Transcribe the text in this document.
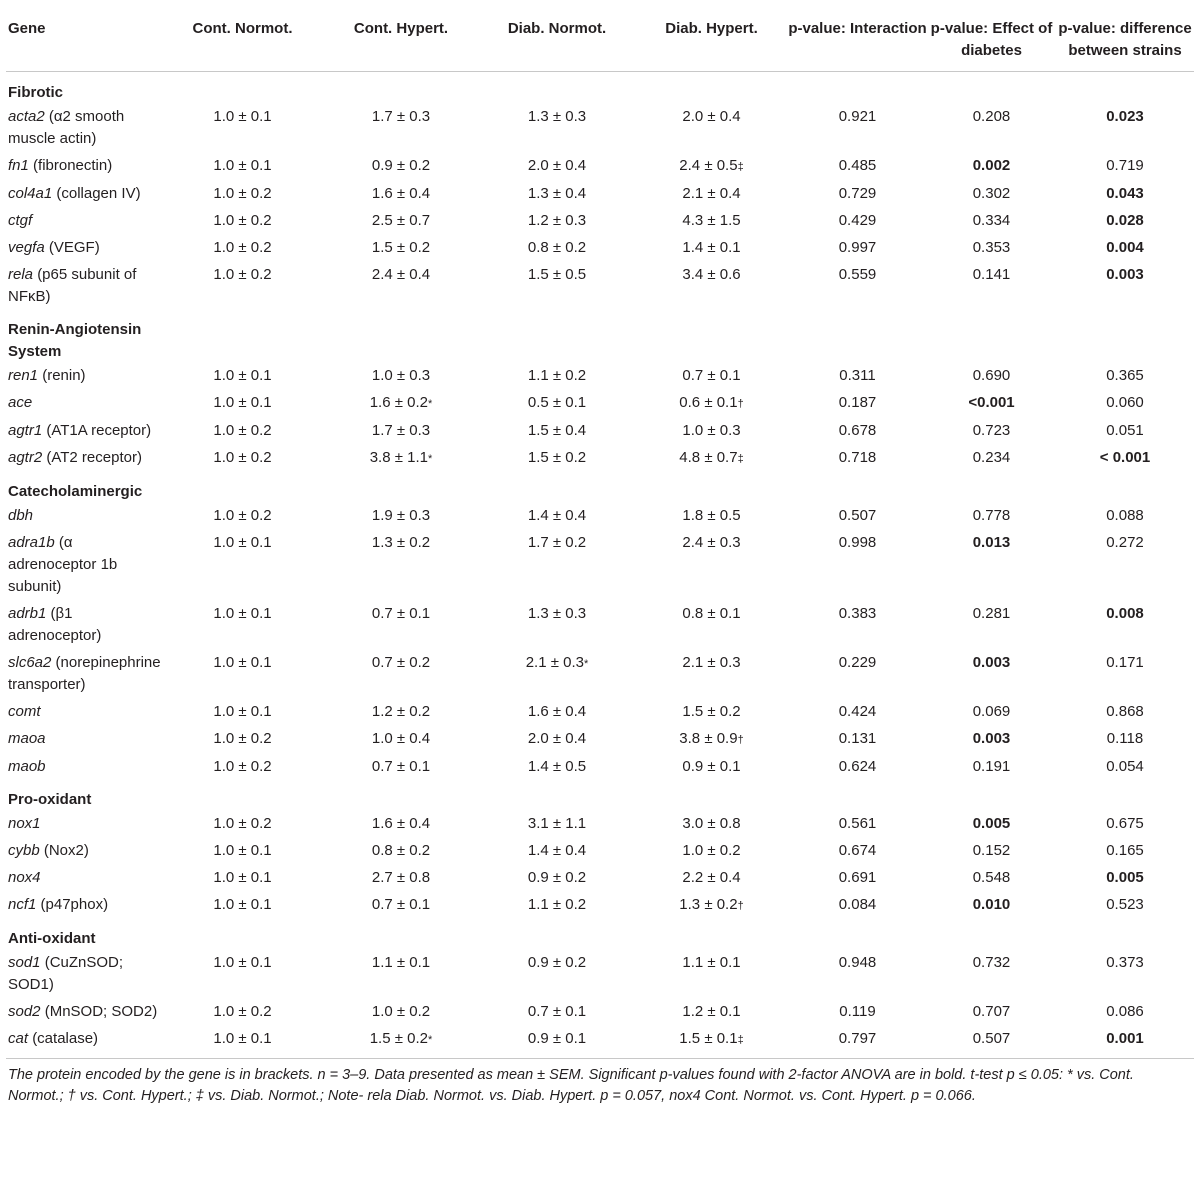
Gene	Cont. Normot.	Cont. Hypert.	Diab. Normot.	Diab. Hypert.	p-value: Interaction	p-value: Effect of diabetes	p-value: difference between strains
Fibrotic							
acta2 (α2 smooth muscle actin)	1.0 ± 0.1	1.7 ± 0.3	1.3 ± 0.3	2.0 ± 0.4	0.921	0.208	0.023
fn1 (fibronectin)	1.0 ± 0.1	0.9 ± 0.2	2.0 ± 0.4	2.4 ± 0.5‡	0.485	0.002	0.719
col4a1 (collagen IV)	1.0 ± 0.2	1.6 ± 0.4	1.3 ± 0.4	2.1 ± 0.4	0.729	0.302	0.043
ctgf	1.0 ± 0.2	2.5 ± 0.7	1.2 ± 0.3	4.3 ± 1.5	0.429	0.334	0.028
vegfa (VEGF)	1.0 ± 0.2	1.5 ± 0.2	0.8 ± 0.2	1.4 ± 0.1	0.997	0.353	0.004
rela (p65 subunit of NFκB)	1.0 ± 0.2	2.4 ± 0.4	1.5 ± 0.5	3.4 ± 0.6	0.559	0.141	0.003
Renin-Angiotensin System							
ren1 (renin)	1.0 ± 0.1	1.0 ± 0.3	1.1 ± 0.2	0.7 ± 0.1	0.311	0.690	0.365
ace	1.0 ± 0.1	1.6 ± 0.2*	0.5 ± 0.1	0.6 ± 0.1†	0.187	<0.001	0.060
agtr1 (AT1A receptor)	1.0 ± 0.2	1.7 ± 0.3	1.5 ± 0.4	1.0 ± 0.3	0.678	0.723	0.051
agtr2 (AT2 receptor)	1.0 ± 0.2	3.8 ± 1.1*	1.5 ± 0.2	4.8 ± 0.7‡	0.718	0.234	< 0.001
Catecholaminergic							
dbh	1.0 ± 0.2	1.9 ± 0.3	1.4 ± 0.4	1.8 ± 0.5	0.507	0.778	0.088
adra1b (α adrenoceptor 1b subunit)	1.0 ± 0.1	1.3 ± 0.2	1.7 ± 0.2	2.4 ± 0.3	0.998	0.013	0.272
adrb1 (β1 adrenoceptor)	1.0 ± 0.1	0.7 ± 0.1	1.3 ± 0.3	0.8 ± 0.1	0.383	0.281	0.008
slc6a2 (norepinephrine transporter)	1.0 ± 0.1	0.7 ± 0.2	2.1 ± 0.3*	2.1 ± 0.3	0.229	0.003	0.171
comt	1.0 ± 0.1	1.2 ± 0.2	1.6 ± 0.4	1.5 ± 0.2	0.424	0.069	0.868
maoa	1.0 ± 0.2	1.0 ± 0.4	2.0 ± 0.4	3.8 ± 0.9†	0.131	0.003	0.118
maob	1.0 ± 0.2	0.7 ± 0.1	1.4 ± 0.5	0.9 ± 0.1	0.624	0.191	0.054
Pro-oxidant							
nox1	1.0 ± 0.2	1.6 ± 0.4	3.1 ± 1.1	3.0 ± 0.8	0.561	0.005	0.675
cybb (Nox2)	1.0 ± 0.1	0.8 ± 0.2	1.4 ± 0.4	1.0 ± 0.2	0.674	0.152	0.165
nox4	1.0 ± 0.1	2.7 ± 0.8	0.9 ± 0.2	2.2 ± 0.4	0.691	0.548	0.005
ncf1 (p47phox)	1.0 ± 0.1	0.7 ± 0.1	1.1 ± 0.2	1.3 ± 0.2†	0.084	0.010	0.523
Anti-oxidant							
sod1 (CuZnSOD; SOD1)	1.0 ± 0.1	1.1 ± 0.1	0.9 ± 0.2	1.1 ± 0.1	0.948	0.732	0.373
sod2 (MnSOD; SOD2)	1.0 ± 0.2	1.0 ± 0.2	0.7 ± 0.1	1.2 ± 0.1	0.119	0.707	0.086
cat (catalase)	1.0 ± 0.1	1.5 ± 0.2*	0.9 ± 0.1	1.5 ± 0.1‡	0.797	0.507	0.001
The protein encoded by the gene is in brackets. n = 3–9. Data presented as mean ± SEM. Significant p-values found with 2-factor ANOVA are in bold. t-test p ≤ 0.05: * vs. Cont. Normot.; † vs. Cont. Hypert.; ‡ vs. Diab. Normot.; Note- rela Diab. Normot. vs. Diab. Hypert. p = 0.057, nox4 Cont. Normot. vs. Cont. Hypert. p = 0.066.
